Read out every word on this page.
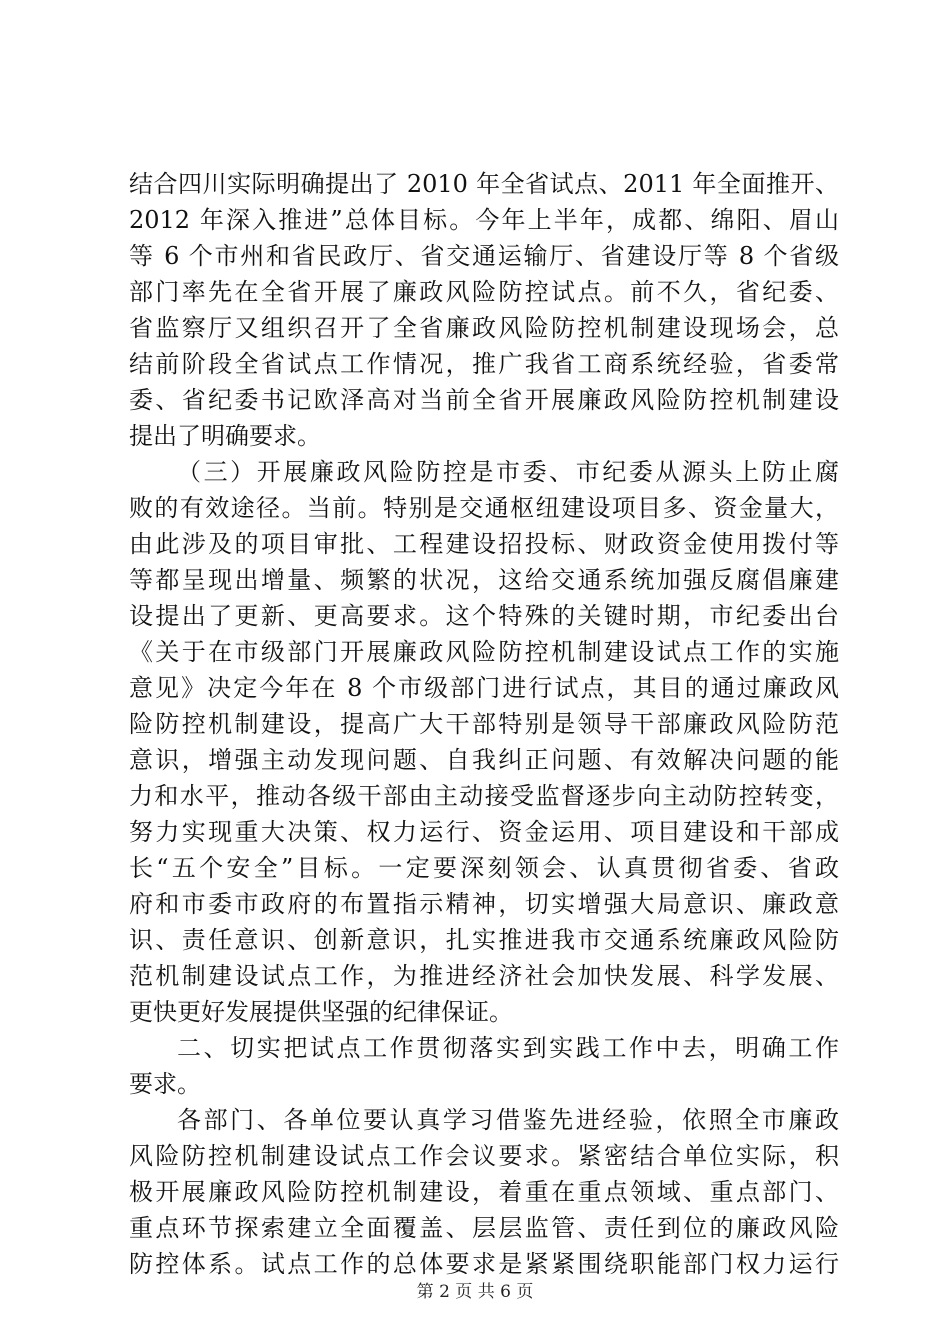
结合四川实际明确提出了 2010 年全省试点、2011 年全面推开、
2012 年深入推进”总体目标。今年上半年，成都、绵阳、眉山
等 6 个市州和省民政厅、省交通运输厅、省建设厅等 8 个省级
部门率先在全省开展了廉政风险防控试点。前不久，省纪委、
省监察厅又组织召开了全省廉政风险防控机制建设现场会，总
结前阶段全省试点工作情况，推广我省工商系统经验，省委常
委、省纪委书记欧泽高对当前全省开展廉政风险防控机制建设
提出了明确要求。
（三）开展廉政风险防控是市委、市纪委从源头上防止腐
败的有效途径。当前。特别是交通枢纽建设项目多、资金量大，
由此涉及的项目审批、工程建设招投标、财政资金使用拨付等
等都呈现出增量、频繁的状况，这给交通系统加强反腐倡廉建
设提出了更新、更高要求。这个特殊的关键时期，市纪委出台
《关于在市级部门开展廉政风险防控机制建设试点工作的实施
意见》决定今年在 8 个市级部门进行试点，其目的通过廉政风
险防控机制建设，提高广大干部特别是领导干部廉政风险防范
意识，增强主动发现问题、自我纠正问题、有效解决问题的能
力和水平，推动各级干部由主动接受监督逐步向主动防控转变，
努力实现重大决策、权力运行、资金运用、项目建设和干部成
长“五个安全”目标。一定要深刻领会、认真贯彻省委、省政
府和市委市政府的布置指示精神，切实增强大局意识、廉政意
识、责任意识、创新意识，扎实推进我市交通系统廉政风险防
范机制建设试点工作，为推进经济社会加快发展、科学发展、
更快更好发展提供坚强的纪律保证。
二、切实把试点工作贯彻落实到实践工作中去，明确工作
要求。
各部门、各单位要认真学习借鉴先进经验，依照全市廉政
风险防控机制建设试点工作会议要求。紧密结合单位实际，积
极开展廉政风险防控机制建设，着重在重点领域、重点部门、
重点环节探索建立全面覆盖、层层监管、责任到位的廉政风险
防控体系。试点工作的总体要求是紧紧围绕职能部门权力运行
第 2 页 共 6 页
